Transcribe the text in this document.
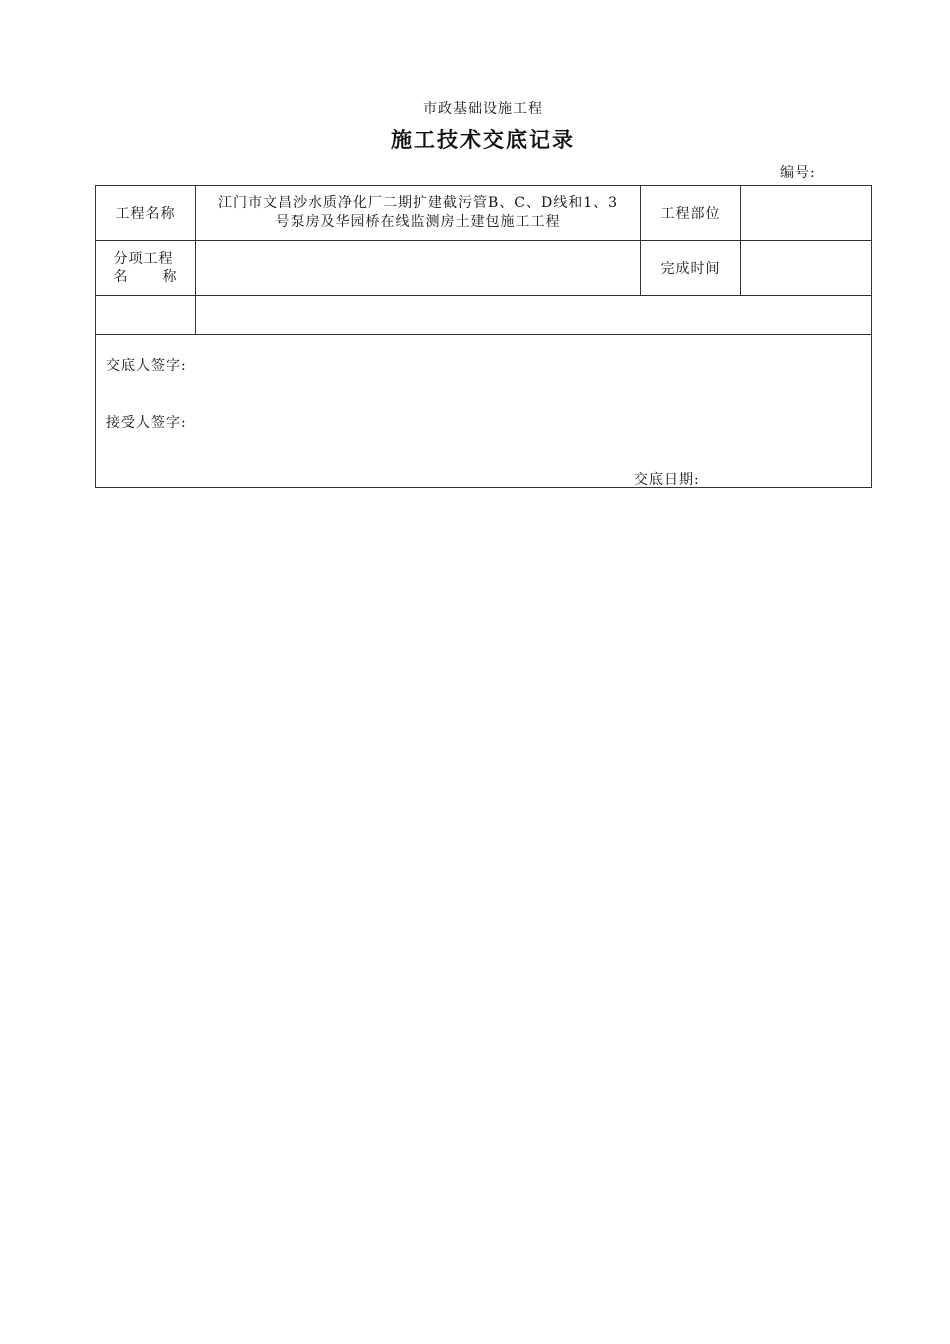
市政基础设施工程
施工技术交底记录
编号:
工程名称	江门市文昌沙水质净化厂二期扩建截污管B、C、D线和1、3
号泵房及华园桥在线监测房土建包施工工程	工程部位	

分项工程
名 称		完成时间	

交底人签字:
接受人签字:
交底日期:			
